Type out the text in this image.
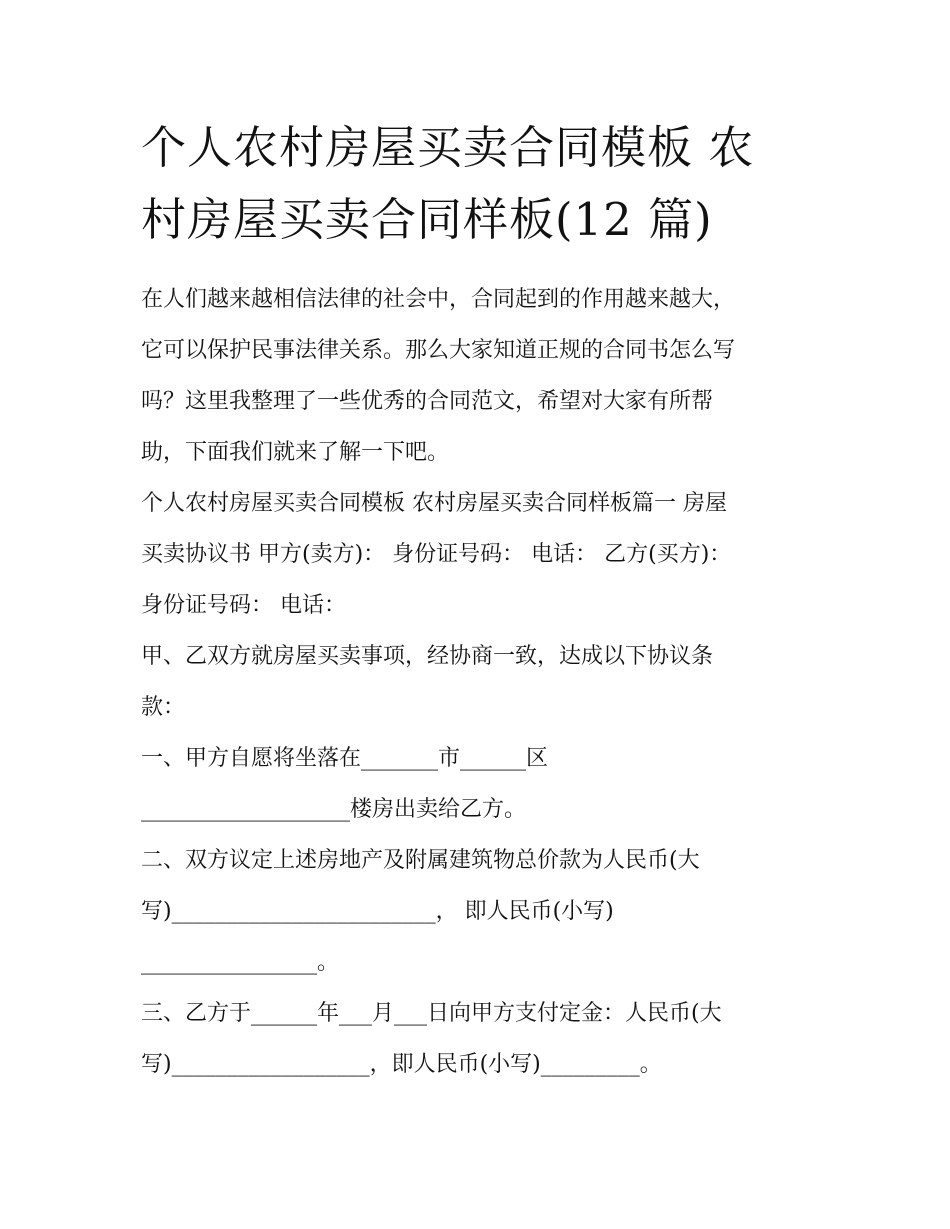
个人农村房屋买卖合同模板 农
村房屋买卖合同样板(12 篇)

在人们越来越相信法律的社会中，合同起到的作用越来越大，
它可以保护民事法律关系。那么大家知道正规的合同书怎么写
吗？这里我整理了一些优秀的合同范文，希望对大家有所帮
助，下面我们就来了解一下吧。

个人农村房屋买卖合同模板 农村房屋买卖合同样板篇一 房屋
买卖协议书 甲方(卖方)： 身份证号码： 电话： 乙方(买方)：
身份证号码： 电话：

甲、乙双方就房屋买卖事项，经协商一致，达成以下协议条
款：

一、甲方自愿将坐落在_______市______区
___________________楼房出卖给乙方。

二、双方议定上述房地产及附属建筑物总价款为人民币(大
写)________________________， 即人民币(小写)
________________。

三、乙方于______年___月___日向甲方支付定金：人民币(大
写)__________________，即人民币(小写)_________。
